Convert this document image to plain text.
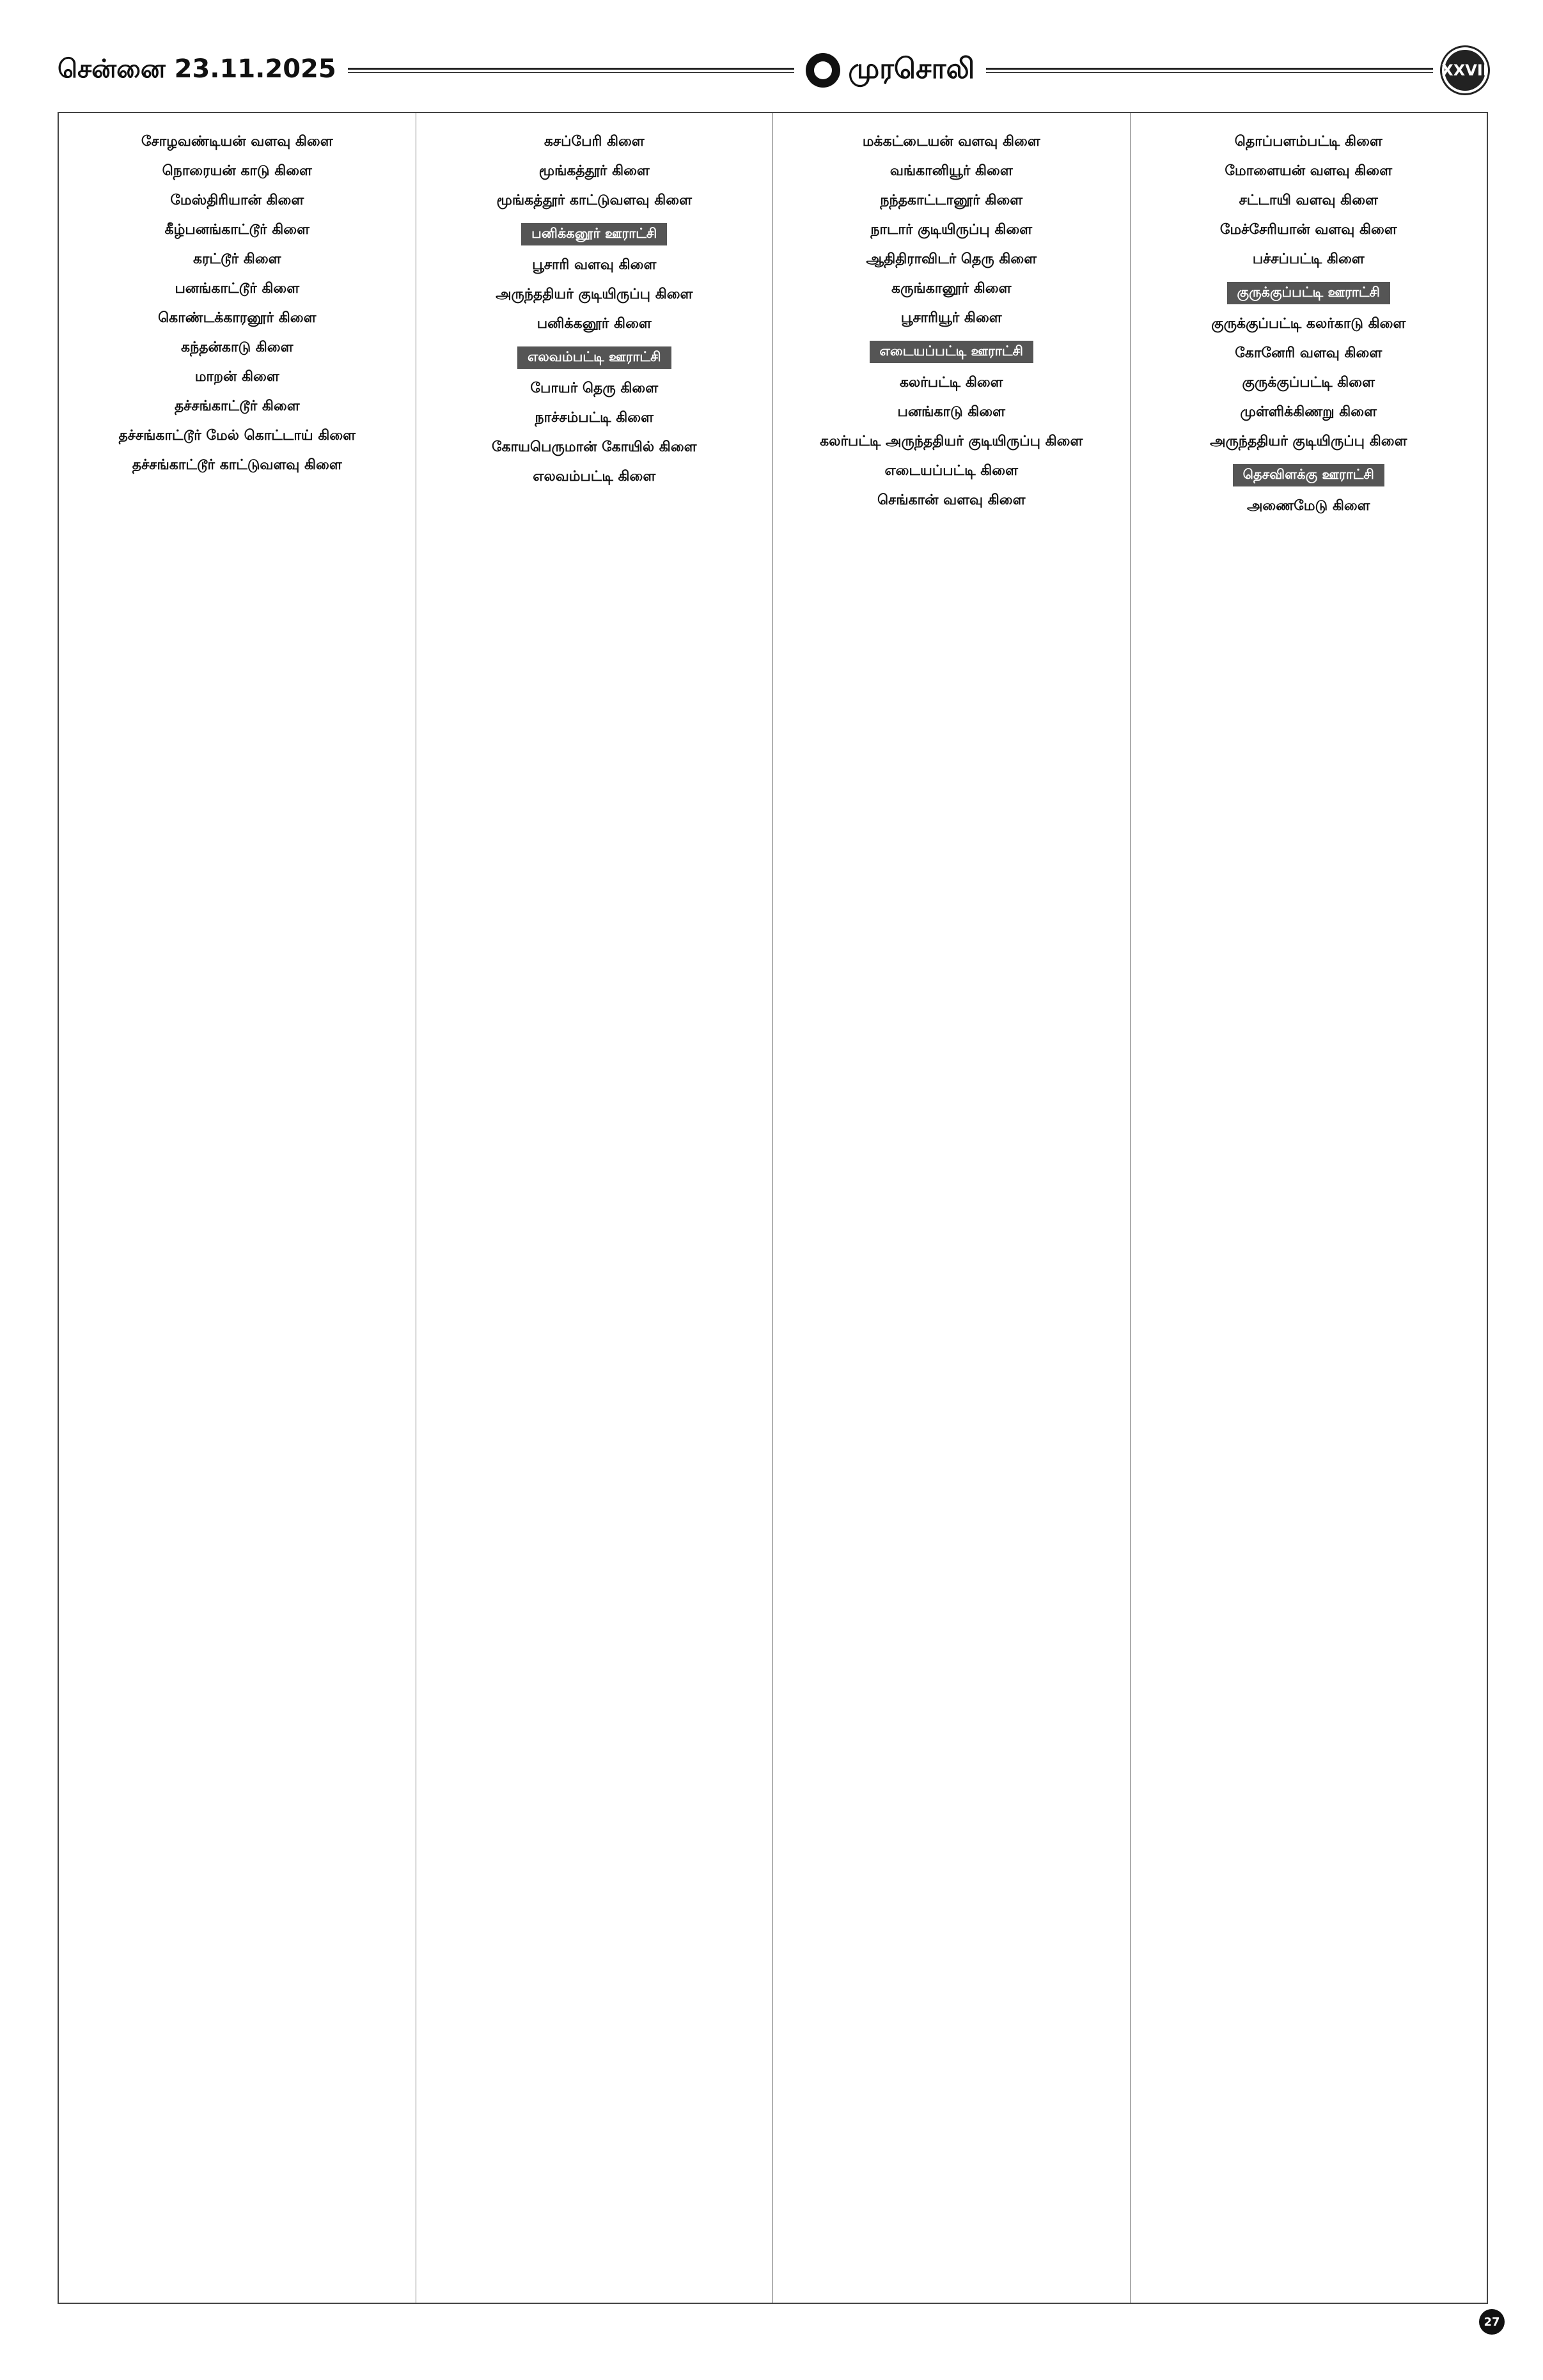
சென்னை 23.11.2025	முரசொலி	XXVII
சோழவண்டியன் வளவு கிளை
நொரையன் காடு கிளை
மேஸ்திரியான் கிளை
கீழ்பனங்காட்டூர் கிளை
கரட்டூர் கிளை
பனங்காட்டூர் கிளை
கொண்டக்காரனூர் கிளை
கந்தன்காடு கிளை
மாறன் கிளை
தச்சங்காட்டூர் கிளை
தச்சங்காட்டூர் மேல் கொட்டாய் கிளை
தச்சங்காட்டூர் காட்டுவளவு கிளை
கசப்பேரி கிளை
மூங்கத்தூர் கிளை
மூங்கத்தூர் காட்டுவளவு கிளை
பனிக்கனூர் ஊராட்சி
பூசாரி வளவு கிளை
அருந்ததியர் குடியிருப்பு கிளை
பனிக்கனூர் கிளை
எலவம்பட்டி ஊராட்சி
போயர் தெரு கிளை
நாச்சம்பட்டி கிளை
கோயபெருமான் கோயில் கிளை
எலவம்பட்டி கிளை
மக்கட்டையன் வளவு கிளை
வங்கானியூர் கிளை
நந்தகாட்டானூர் கிளை
நாடார் குடியிருப்பு கிளை
ஆதிதிராவிடர் தெரு கிளை
கருங்கானூர் கிளை
பூசாரியூர் கிளை
எடையப்பட்டி ஊராட்சி
கலர்பட்டி கிளை
பனங்காடு கிளை
கலர்பட்டி அருந்ததியர் குடியிருப்பு கிளை
எடையப்பட்டி கிளை
செங்கான் வளவு கிளை
தொப்பளம்பட்டி கிளை
மோளையன் வளவு கிளை
சட்டாயி வளவு கிளை
மேச்சேரியான் வளவு கிளை
பச்சப்பட்டி கிளை
குருக்குப்பட்டி ஊராட்சி
குருக்குப்பட்டி கலர்காடு கிளை
கோனேரி வளவு கிளை
குருக்குப்பட்டி கிளை
முள்ளிக்கிணறு கிளை
அருந்ததியர் குடியிருப்பு கிளை
தெசவிளக்கு ஊராட்சி
அணைமேடு கிளை
27
